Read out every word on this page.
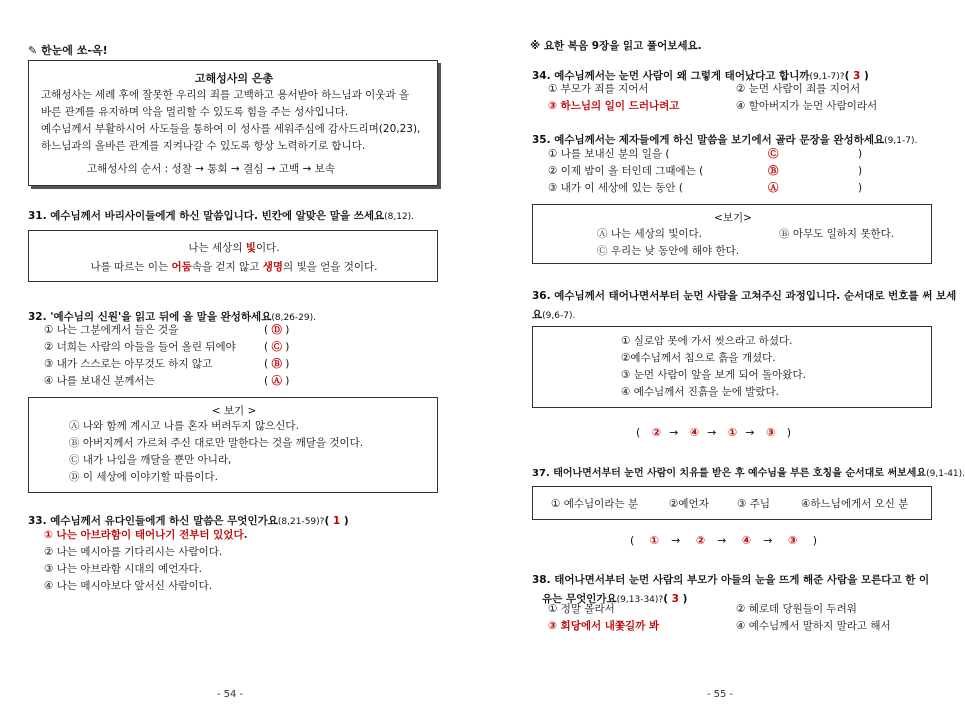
✎ 한눈에 쏘-옥!
고해성사의 은총
고해성사는 세례 후에 잘못한 우리의 죄를 고백하고 용서받아 하느님과 이웃과 올
바른 관계를 유지하며 악을 멀리할 수 있도록 힘을 주는 성사입니다.
예수님께서 부활하시어 사도들을 통하여 이 성사를 세워주심에 감사드리며(20,23),
하느님과의 올바른 관계를 지켜나갈 수 있도록 항상 노력하기로 합니다.
고해성사의 순서 : 성찰 → 통회 → 결심 → 고백 → 보속
31. 예수님께서 바리사이들에게 하신 말씀입니다. 빈칸에 알맞은 말을 쓰세요(8,12).
나는 세상의 빛이다.
나를 따르는 이는 어둠속을 걷지 않고 생명의 빛을 얻을 것이다.
32. '예수님의 신원'을 읽고 뒤에 올 말을 완성하세요(8,26-29).
① 나는 그분에게서 들은 것을	( Ⓓ )
② 너희는 사람의 아들을 들어 올린 뒤에야	( Ⓒ )
③ 내가 스스로는 아무것도 하지 않고	( Ⓑ )
④ 나를 보내신 분께서는	( Ⓐ )
< 보기 >
Ⓐ 나와 함께 계시고 나를 혼자 버려두지 않으신다.
Ⓑ 아버지께서 가르쳐 주신 대로만 말한다는 것을 깨달을 것이다.
Ⓒ 내가 나임을 깨달을 뿐만 아니라,
Ⓓ 이 세상에 이야기할 따름이다.
33. 예수님께서 유다인들에게 하신 말씀은 무엇인가요(8,21-59)?( 1 )
① 나는 아브라함이 태어나기 전부터 있었다.
② 나는 메시아를 기다리시는 사람이다.
③ 나는 아브라함 시대의 예언자다.
④ 나는 메시아보다 앞서신 사람이다.
- 54 -
※ 요한 복음 9장을 읽고 풀어보세요.
34. 예수님께서는 눈먼 사람이 왜 그렇게 태어났다고 합니까(9,1-7)?( 3 )
① 부모가 죄를 지어서	② 눈먼 사람이 죄를 지어서
③ 하느님의 일이 드러나려고	④ 할아버지가 눈먼 사람이라서
35. 예수님께서는 제자들에게 하신 말씀을 보기에서 골라 문장을 완성하세요(9,1-7).
① 나를 보내신 분의 일을 (	Ⓒ	)
② 이제 밤이 올 터인데 그때에는 (	Ⓑ	)
③ 내가 이 세상에 있는 동안 (	Ⓐ	)
<보기>
Ⓐ 나는 세상의 빛이다.	Ⓑ 아무도 일하지 못한다.
Ⓒ 우리는 낮 동안에 해야 한다.
36. 예수님께서 태어나면서부터 눈먼 사람을 고쳐주신 과정입니다. 순서대로 번호를 써 보세
요(9,6-7).
① 실로암 못에 가서 씻으라고 하셨다.
②예수님께서 침으로 흙을 개셨다.
③ 눈먼 사람이 앞을 보게 되어 돌아왔다.
④ 예수님께서 진흙을 눈에 발랐다.
( ② → ④ → ① → ③ )
37. 태어나면서부터 눈먼 사람이 치유를 받은 후 예수님을 부른 호칭을 순서대로 써보세요(9,1-41).
① 예수님이라는 분	②예언자	③ 주님	④하느님에게서 오신 분
( ① → ② → ④ → ③ )
38. 태어나면서부터 눈먼 사람의 부모가 아들의 눈을 뜨게 해준 사람을 모른다고 한 이
유는 무엇인가요(9,13-34)?( 3 )
① 정말 몰라서	② 혜로데 당원들이 두려워
③ 회당에서 내쫓길까 봐	④ 예수님께서 말하지 말라고 해서
- 55 -
